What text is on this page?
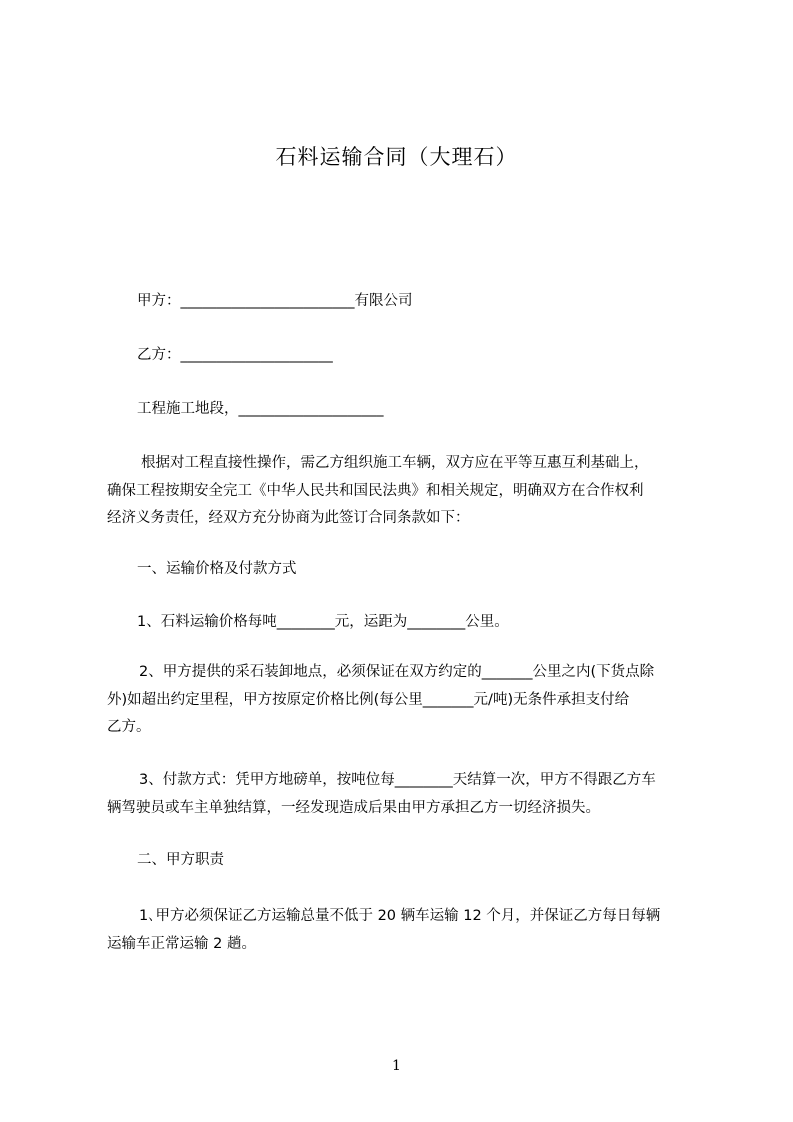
石料运输合同（大理石）
甲方：________________________有限公司
乙方：_____________________
工程施工地段，____________________
根据对工程直接性操作，需乙方组织施工车辆，双方应在平等互惠互利基础上，
确保工程按期安全完工《中华人民共和国民法典》和相关规定，明确双方在合作权利
经济义务责任，经双方充分协商为此签订合同条款如下：
一、运输价格及付款方式
1、石料运输价格每吨________元，运距为________公里。
2、甲方提供的采石装卸地点，必须保证在双方约定的_______公里之内(下货点除
外)如超出约定里程，甲方按原定价格比例(每公里_______元/吨)无条件承担支付给
乙方。
3、付款方式：凭甲方地磅单，按吨位每________天结算一次，甲方不得跟乙方车
辆驾驶员或车主单独结算，一经发现造成后果由甲方承担乙方一切经济损失。
二、甲方职责
1､甲方必须保证乙方运输总量不低于 20 辆车运输 12 个月，并保证乙方每日每辆
运输车正常运输 2 趟。
1
